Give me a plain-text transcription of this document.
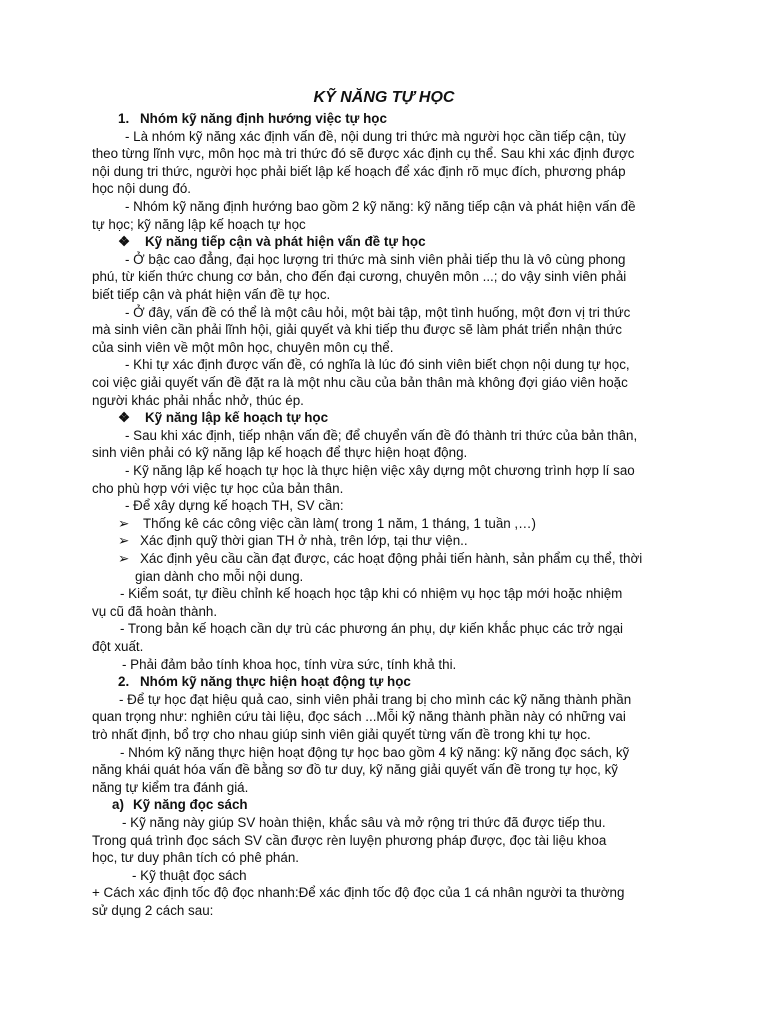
KỸ NĂNG TỰ HỌC
1. Nhóm kỹ năng định hướng việc tự học
- Là nhóm kỹ năng xác định vấn đề, nội dung tri thức mà người học cần tiếp cận, tùy
theo từng lĩnh vực, môn học mà tri thức đó sẽ được xác định cụ thể. Sau khi xác định được
nội dung tri thức, người học phải biết lập kế hoạch để xác định rõ mục đích, phương pháp
học nội dung đó.
- Nhóm kỹ năng định hướng bao gồm 2 kỹ năng: kỹ năng tiếp cận và phát hiện vấn đề
tự học; kỹ năng lập kế hoạch tự học
❖ Kỹ năng tiếp cận và phát hiện vấn đề tự học
- Ở bậc cao đẳng, đại học lượng tri thức mà sinh viên phải tiếp thu là vô cùng phong
phú, từ kiến thức chung cơ bản, cho đến đại cương, chuyên môn ...; do vậy sinh viên phải
biết tiếp cận và phát hiện vấn đề tự học.
- Ở đây, vấn đề có thể là một câu hỏi, một bài tập, một tình huống, một đơn vị tri thức
mà sinh viên cần phải lĩnh hội, giải quyết và khi tiếp thu được sẽ làm phát triển nhận thức
của sinh viên về một môn học, chuyên môn cụ thể.
- Khi tự xác định được vấn đề, có nghĩa là lúc đó sinh viên biết chọn nội dung tự học,
coi việc giải quyết vấn đề đặt ra là một nhu cầu của bản thân mà không đợi giáo viên hoặc
người khác phải nhắc nhở, thúc ép.
❖ Kỹ năng lập kế hoạch tự học
- Sau khi xác định, tiếp nhận vấn đề; để chuyển vấn đề đó thành tri thức của bản thân,
sinh viên phải có kỹ năng lập kế hoạch để thực hiện hoạt động.
- Kỹ năng lập kế hoạch tự học là thực hiện việc xây dựng một chương trình hợp lí sao
cho phù hợp với việc tự học của bản thân.
- Để xây dựng kế hoạch TH, SV cần:
➢ Thống kê các công việc cần làm( trong 1 năm, 1 tháng, 1 tuần ,…)
➢ Xác định quỹ thời gian TH ở nhà, trên lớp, tại thư viện..
➢ Xác định yêu cầu cần đạt được, các hoạt động phải tiến hành, sản phẩm cụ thể, thời
gian dành cho mỗi nội dung.
- Kiểm soát, tự điều chỉnh kế hoạch học tập khi có nhiệm vụ học tập mới hoặc nhiệm
vụ cũ đã hoàn thành.
- Trong bản kế hoạch cần dự trù các phương án phụ, dự kiến khắc phục các trở ngại
đột xuất.
- Phải đảm bảo tính khoa học, tính vừa sức, tính khả thi.
2. Nhóm kỹ năng thực hiện hoạt động tự học
- Để tự học đạt hiệu quả cao, sinh viên phải trang bị cho mình các kỹ năng thành phần
quan trọng như: nghiên cứu tài liệu, đọc sách ...Mỗi kỹ năng thành phần này có những vai
trò nhất định, bổ trợ cho nhau giúp sinh viên giải quyết từng vấn đề trong khi tự học.
- Nhóm kỹ năng thực hiện hoạt động tự học bao gồm 4 kỹ năng: kỹ năng đọc sách, kỹ
năng khái quát hóa vấn đề bằng sơ đồ tư duy, kỹ năng giải quyết vấn đề trong tự học, kỹ
năng tự kiểm tra đánh giá.
a) Kỹ năng đọc sách
- Kỹ năng này giúp SV hoàn thiện, khắc sâu và mở rộng tri thức đã được tiếp thu.
Trong quá trình đọc sách SV cần được rèn luyện phương pháp được, đọc tài liệu khoa
học, tư duy phân tích có phê phán.
- Kỹ thuật đọc sách
+ Cách xác định tốc độ đọc nhanh:Để xác định tốc độ đọc của 1 cá nhân người ta thường
sử dụng 2 cách sau:
